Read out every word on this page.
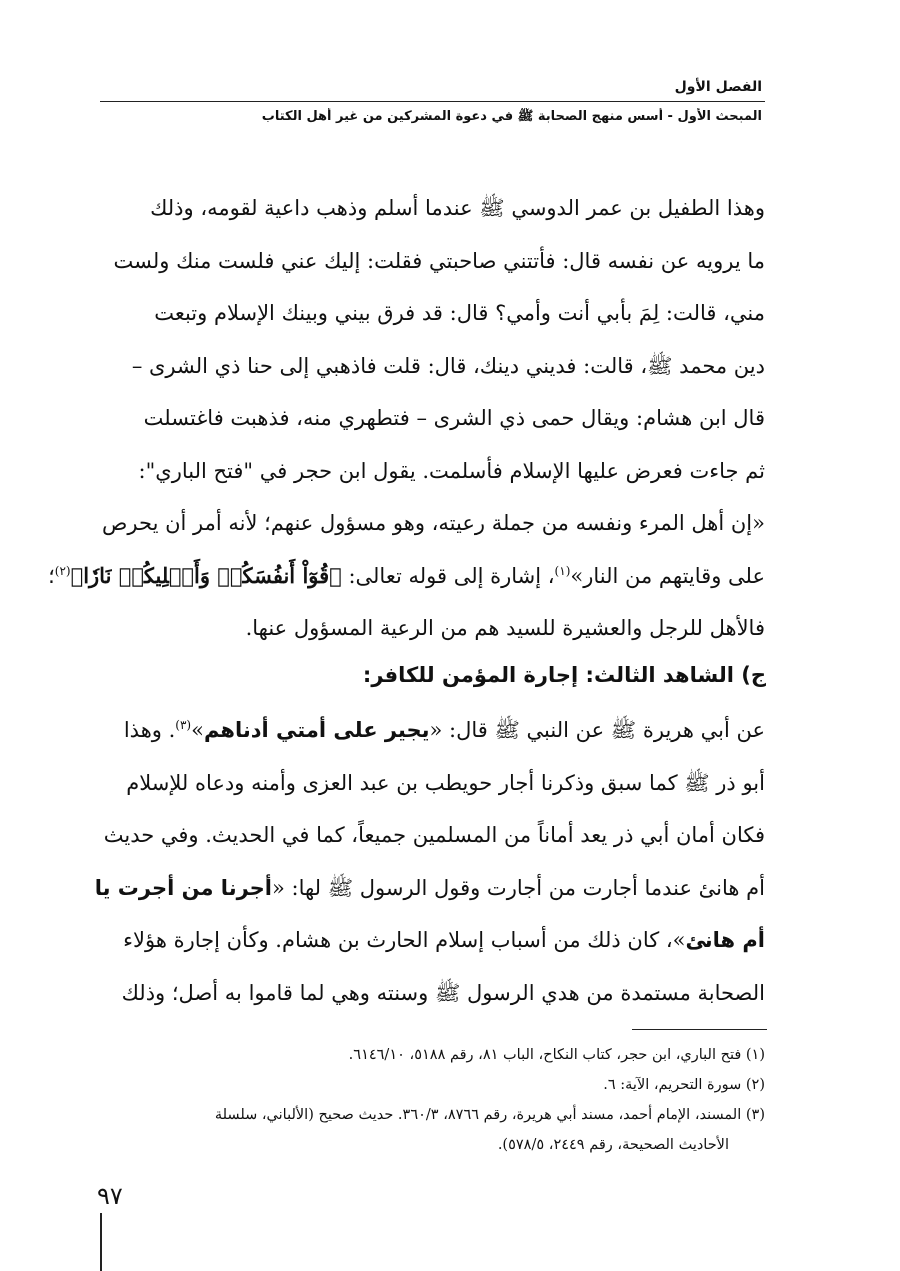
الفصل الأول
المبحث الأول - أسس منهج الصحابة ﷺ في دعوة المشركين من غير أهل الكتاب
وهذا الطفيل بن عمر الدوسي ﷺ عندما أسلم وذهب داعية لقومه، وذلك
ما يرويه عن نفسه قال: فأتتني صاحبتي فقلت: إليك عني فلست منك ولست
مني، قالت: لِمَ بأبي أنت وأمي؟ قال: قد فرق بيني وبينك الإسلام وتبعت
دين محمد ﷺ، قالت: فديني دينك، قال: قلت فاذهبي إلى حنا ذي الشرى –
قال ابن هشام: ويقال حمى ذي الشرى – فتطهري منه، فذهبت فاغتسلت
ثم جاءت فعرض عليها الإسلام فأسلمت. يقول ابن حجر في "فتح الباري":
«إن أهل المرء ونفسه من جملة رعيته، وهو مسؤول عنهم؛ لأنه أمر أن يحرص
على وقايتهم من النار»$^{(١)}$، إشارة إلى قوله تعالى: ﴿قُوٓاْ أَنفُسَكُمۡ وَأَهۡلِيكُمۡ نَارٗا﴾$^{(٢)}$؛
فالأهل للرجل والعشيرة للسيد هم من الرعية المسؤول عنها.
ج) الشاهد الثالث: إجارة المؤمن للكافر:
عن أبي هريرة ﷺ عن النبي ﷺ قال: «يجير على أمتي أدناهم»$^{(٣)}$. وهذا
أبو ذر ﷺ كما سبق وذكرنا أجار حويطب بن عبد العزى وأمنه ودعاه للإسلام
فكان أمان أبي ذر يعد أماناً من المسلمين جميعاً، كما في الحديث. وفي حديث
أم هانئ عندما أجارت من أجارت وقول الرسول ﷺ لها: «أجرنا من أجرت يا
أم هانئ»، كان ذلك من أسباب إسلام الحارث بن هشام. وكأن إجارة هؤلاء
الصحابة مستمدة من هدي الرسول ﷺ وسنته وهي لما قاموا به أصل؛ وذلك
(١) فتح الباري، ابن حجر، كتاب النكاح، الباب ٨١، رقم ٥١٨٨، ٦١٤٦/١٠.
(٢) سورة التحريم، الآية: ٦.
(٣) المسند، الإمام أحمد، مسند أبي هريرة، رقم ٨٧٦٦، ٣٦٠/٣. حديث صحيح (الألباني، سلسلة
الأحاديث الصحيحة، رقم ٢٤٤٩، ٥٧٨/٥).
٩٧
